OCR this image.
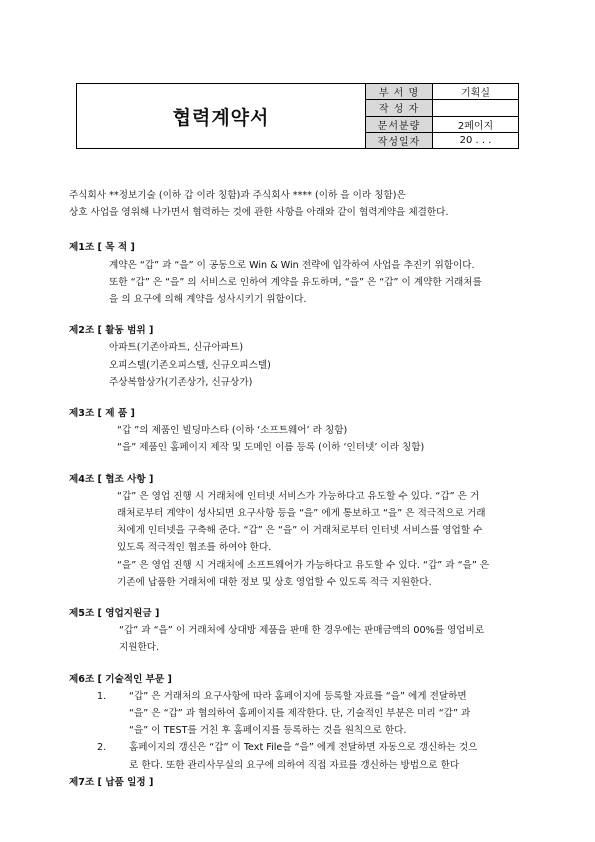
협력계약서
부 서 명	기획실
작 성 자
문서분량	2페이지
작성일자	20 . . .

주식회사 **정보기술 (이하 갑 이라 칭함)과 주식회사 **** (이하 을 이라 칭함)은

상호 사업을 영위해 나가면서 협력하는 것에 관한 사항을 아래와 같이 협력계약을 체결한다.

제1조 [ 목 적 ]

계약은 “갑” 과 “을” 이 공동으로 Win & Win 전략에 입각하여 사업을 추진키 위함이다.

또한 “갑” 은 “을” 의 서비스로 인하여 계약을 유도하며, “을” 은 “갑” 이 계약한 거래처를

을 의 요구에 의해 계약을 성사시키기 위함이다.

제2조 [ 활동 범위 ]

아파트(기존아파트, 신규아파트)

오피스텔(기존오피스텔, 신규오피스텔)

주상복합상가(기존상가, 신규상가)

제3조 [ 제 품 ]

“갑 ”의 제품인 빌딩마스타 (이하 ‘소프트웨어’ 라 칭함)

“을” 제품인 홈페이지 제작 및 도메인 이름 등록 (이하 ‘인터넷’ 이라 칭함)

제4조 [ 협조 사항 ]

“갑” 은 영업 진행 시 거래처에 인터넷 서비스가 가능하다고 유도할 수 있다. “갑” 은 거

래처로부터 계약이 성사되면 요구사항 등을 “을” 에게 통보하고 “을” 은 적극적으로 거래

처에게 인터넷을 구축해 준다. “갑” 은 “을” 이 거래처로부터 인터넷 서비스를 영업할 수

있도록 적극적인 협조를 하여야 한다.

“을” 은 영업 진행 시 거래처에 소프트웨어가 가능하다고 유도할 수 있다. “갑” 과 “을” 은

기존에 납품한 거래처에 대한 정보 및 상호 영업할 수 있도록 적극 지원한다.

제5조 [ 영업지원금 ]

“갑” 과 “을” 이 거래처에 상대방 제품을 판매 한 경우에는 판매금액의 00%를 영업비로

지원한다.

제6조 [ 기술적인 부문 ]

1. “갑” 은 거래처의 요구사항에 따라 홈페이지에 등록할 자료를 “을” 에게 전달하면

“을” 은 “갑” 과 협의하여 홈페이지를 제작한다. 단, 기술적인 부분은 미리 “갑” 과

“을” 이 TEST를 거친 후 홈페이지를 등록하는 것을 원칙으로 한다.

2. 홈페이지의 갱신은 “갑” 이 Text File을 “을” 에게 전달하면 자동으로 갱신하는 것으

로 한다. 또한 관리사무실의 요구에 의하여 직접 자료를 갱신하는 방법으로 한다

제7조 [ 납품 일정 ]
